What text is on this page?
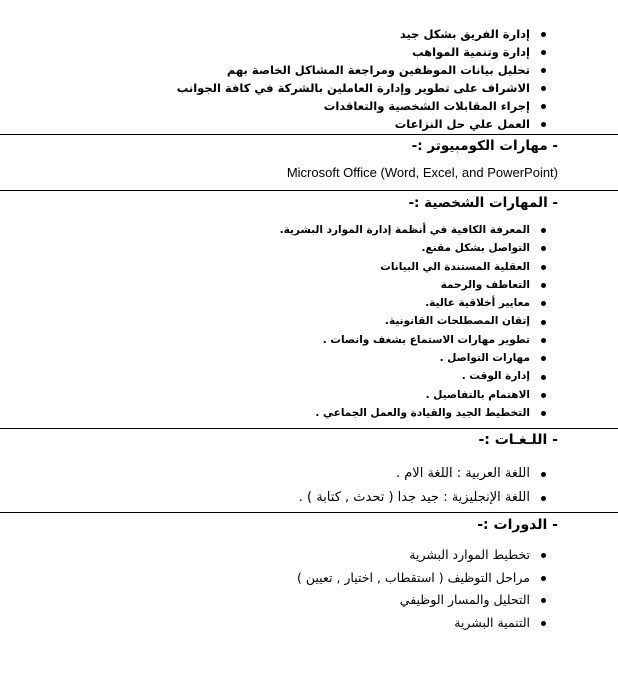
إدارة الفريق بشكل جيد
إدارة وتنمية المواهب
تحليل بيانات الموظفين ومراجعة المشاكل الخاصة بهم
الاشراف على تطوير وإدارة العاملين بالشركة في كافة الجوانب
إجراء المقابلات الشخصية والتعاقدات
العمل علي حل النزاعات
- مهارات الكومبيوتر :-
Microsoft Office (Word, Excel, and PowerPoint)
- المهارات الشخصية :-
المعرفة الكافية في أنظمة إدارة الموارد البشرية.
التواصل بشكل مقنع.
العقلية المستندة الي البيانات
التعاطف والرحمة
معايير أخلاقية عالية.
إتقان المصطلحات القانونية.
تطوير مهارات الاستماع بشغف وانصات .
مهارات التواصل .
إدارة الوقت .
الاهتمام بالتفاصيل .
التخطيط الجيد والقيادة والعمل الجماعي .
- اللـغـات :-
اللغة العربية : اللغة الام .
اللغة الإنجليزية : جيد جدا ( تحدث , كتابة ) .
- الدورات :-
تخطيط الموارد البشرية
مراحل التوظيف ( استقطاب , اختيار , تعيين )
التحليل والمسار الوظيفي
التنمية البشرية
